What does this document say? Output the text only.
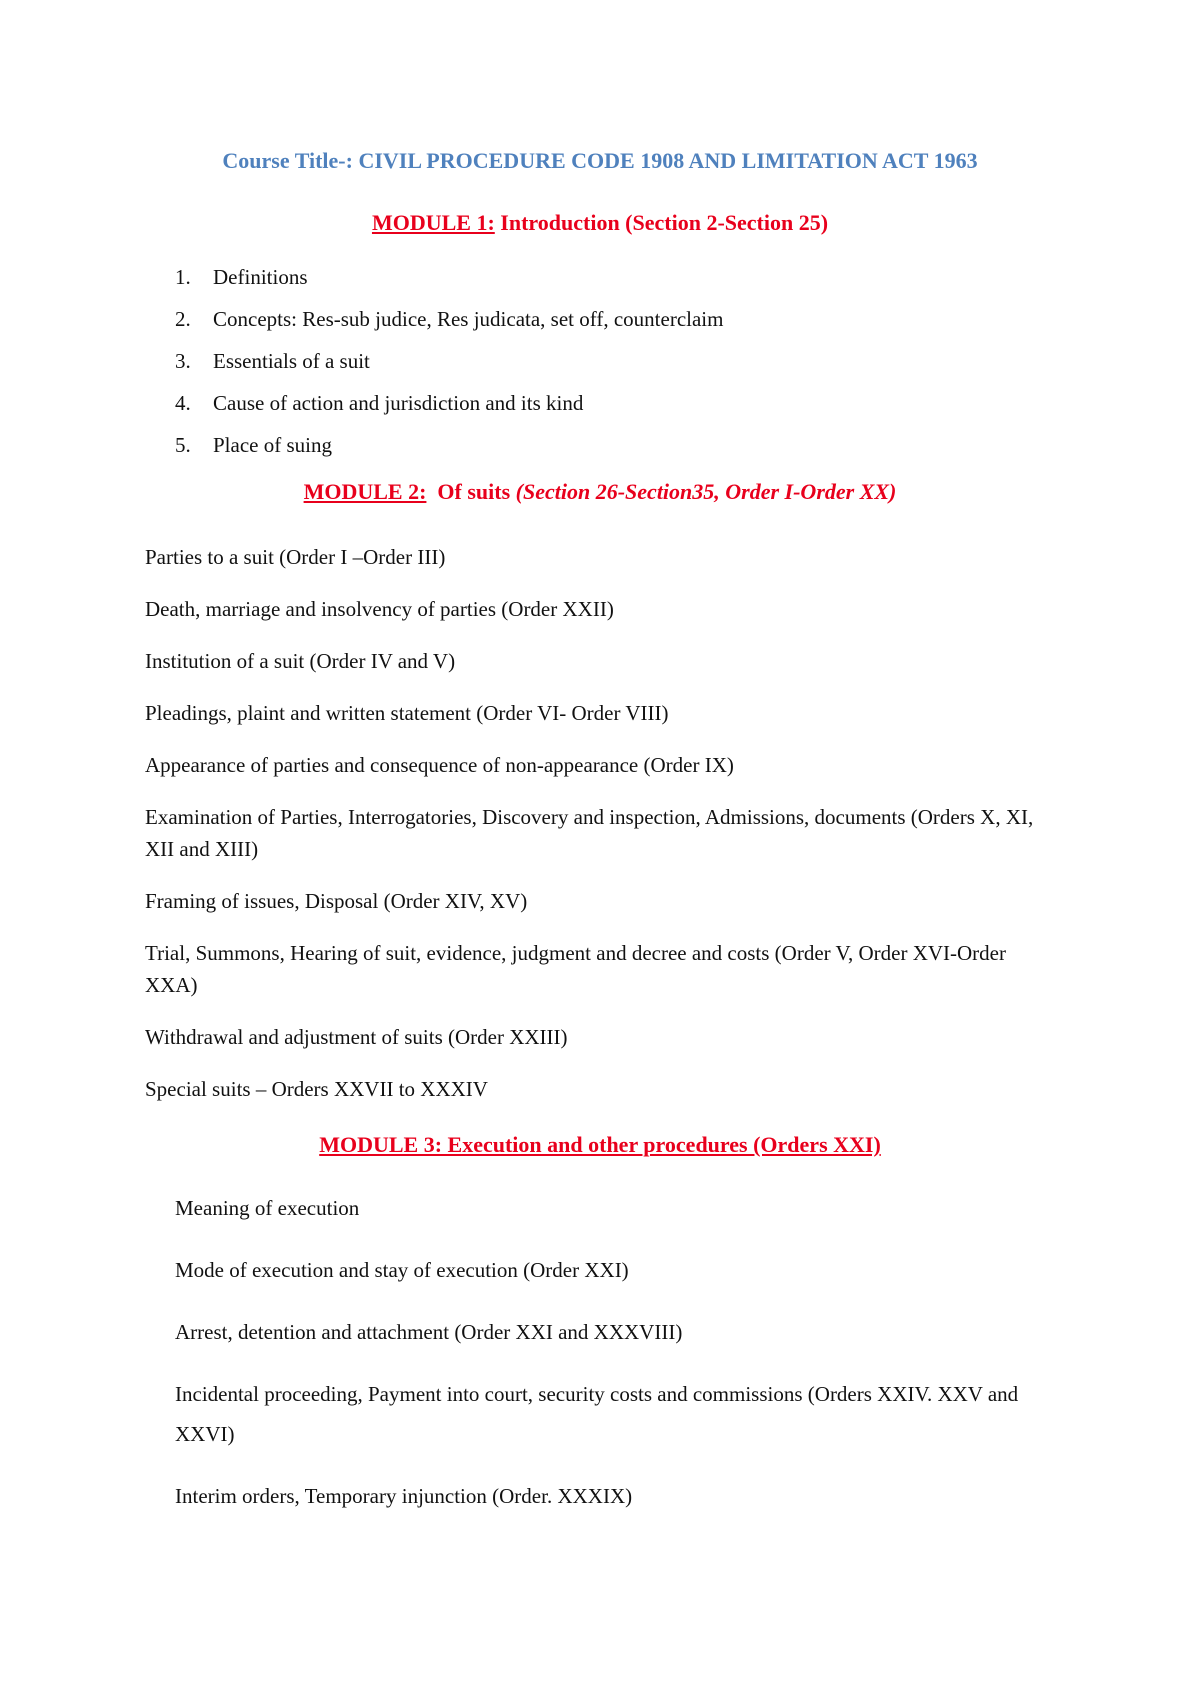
Course Title-: CIVIL PROCEDURE CODE 1908 AND LIMITATION ACT 1963
MODULE 1: Introduction (Section 2-Section 25)
1. Definitions
2. Concepts: Res-sub judice, Res judicata, set off, counterclaim
3. Essentials of a suit
4. Cause of action and jurisdiction and its kind
5. Place of suing
MODULE 2:  Of suits (Section 26-Section35, Order I-Order XX)

Parties to a suit (Order I –Order III)

Death, marriage and insolvency of parties (Order XXII)

Institution of a suit (Order IV and V)

Pleadings, plaint and written statement (Order VI- Order VIII)

Appearance of parties and consequence of non-appearance (Order IX)

Examination of Parties, Interrogatories, Discovery and inspection, Admissions, documents (Orders X, XI, XII and XIII)

Framing of issues, Disposal (Order XIV, XV)

Trial, Summons, Hearing of suit, evidence, judgment and decree and costs (Order V, Order XVI-Order XXA)

Withdrawal and adjustment of suits (Order XXIII)

Special suits – Orders XXVII to XXXIV

MODULE 3: Execution and other procedures (Orders XXI)

Meaning of execution

Mode of execution and stay of execution (Order XXI)

Arrest, detention and attachment (Order XXI and XXXVIII)

Incidental proceeding, Payment into court, security costs and commissions (Orders XXIV. XXV and XXVI)

Interim orders, Temporary injunction (Order. XXXIX)
